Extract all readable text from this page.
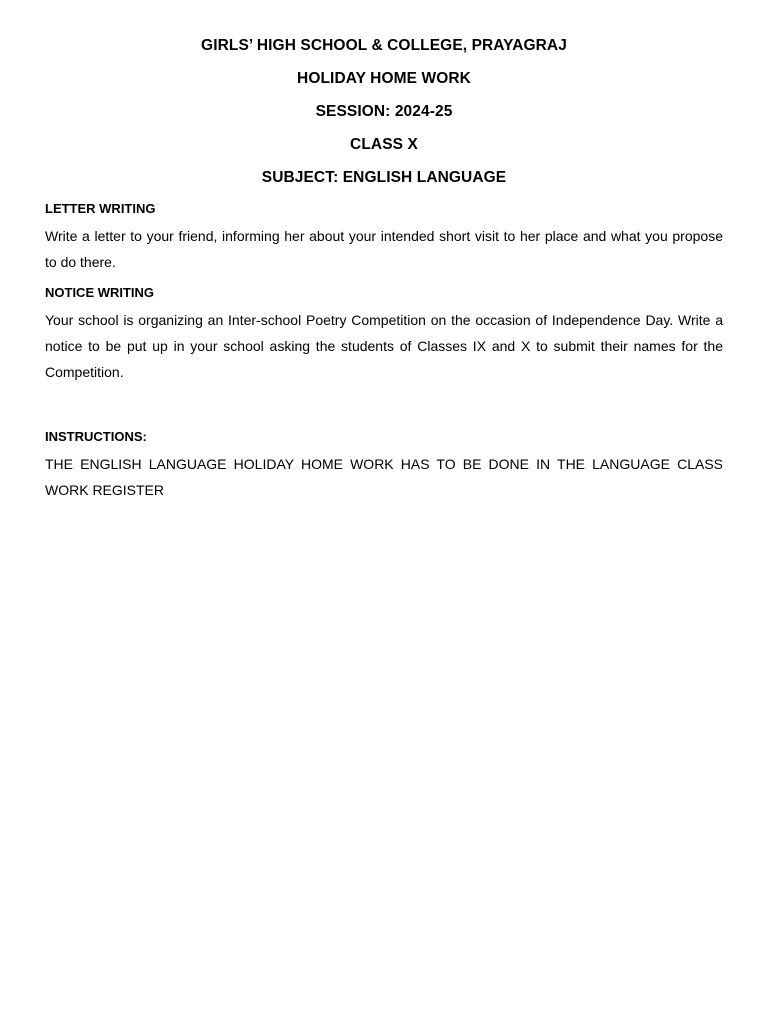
GIRLS’ HIGH SCHOOL & COLLEGE, PRAYAGRAJ
HOLIDAY HOME WORK
SESSION: 2024-25
CLASS X
SUBJECT: ENGLISH LANGUAGE
LETTER WRITING

Write a letter to your friend, informing her about your intended short visit to her place and what you propose to do there.

NOTICE WRITING

Your school is organizing an Inter-school Poetry Competition on the occasion of Independence Day. Write a notice to be put up in your school asking the students of Classes IX and X to submit their names for the Competition.

INSTRUCTIONS:

THE ENGLISH LANGUAGE HOLIDAY HOME WORK HAS TO BE DONE IN THE LANGUAGE CLASS WORK REGISTER
